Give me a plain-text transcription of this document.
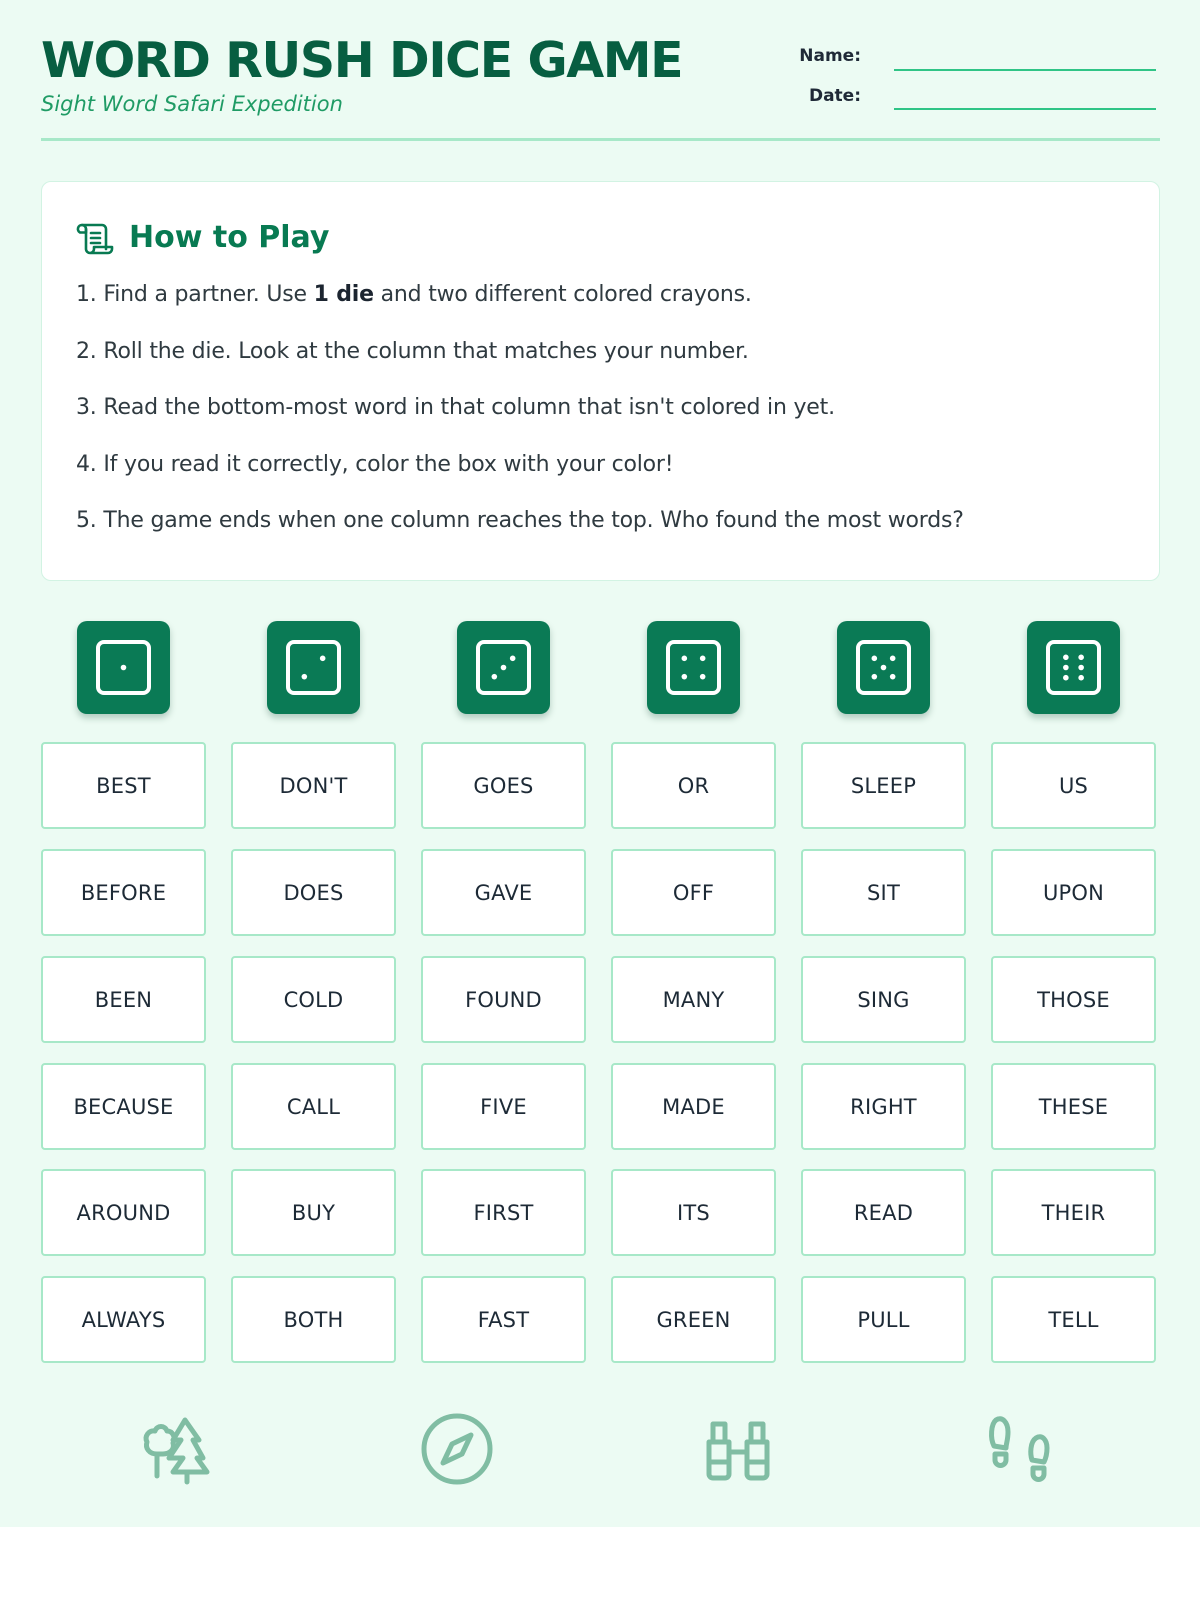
WORD RUSH DICE GAME
Sight Word Safari Expedition
Name:
Date:
How to Play
1. Find a partner. Use 1 die and two different colored crayons.
2. Roll the die. Look at the column that matches your number.
3. Read the bottom-most word in that column that isn't colored in yet.
4. If you read it correctly, color the box with your color!
5. The game ends when one column reaches the top. Who found the most words?
BEST
BEFORE
BEEN
BECAUSE
AROUND
ALWAYS
DON'T
DOES
COLD
CALL
BUY
BOTH
GOES
GAVE
FOUND
FIVE
FIRST
FAST
OR
OFF
MANY
MADE
ITS
GREEN
SLEEP
SIT
SING
RIGHT
READ
PULL
US
UPON
THOSE
THESE
THEIR
TELL
